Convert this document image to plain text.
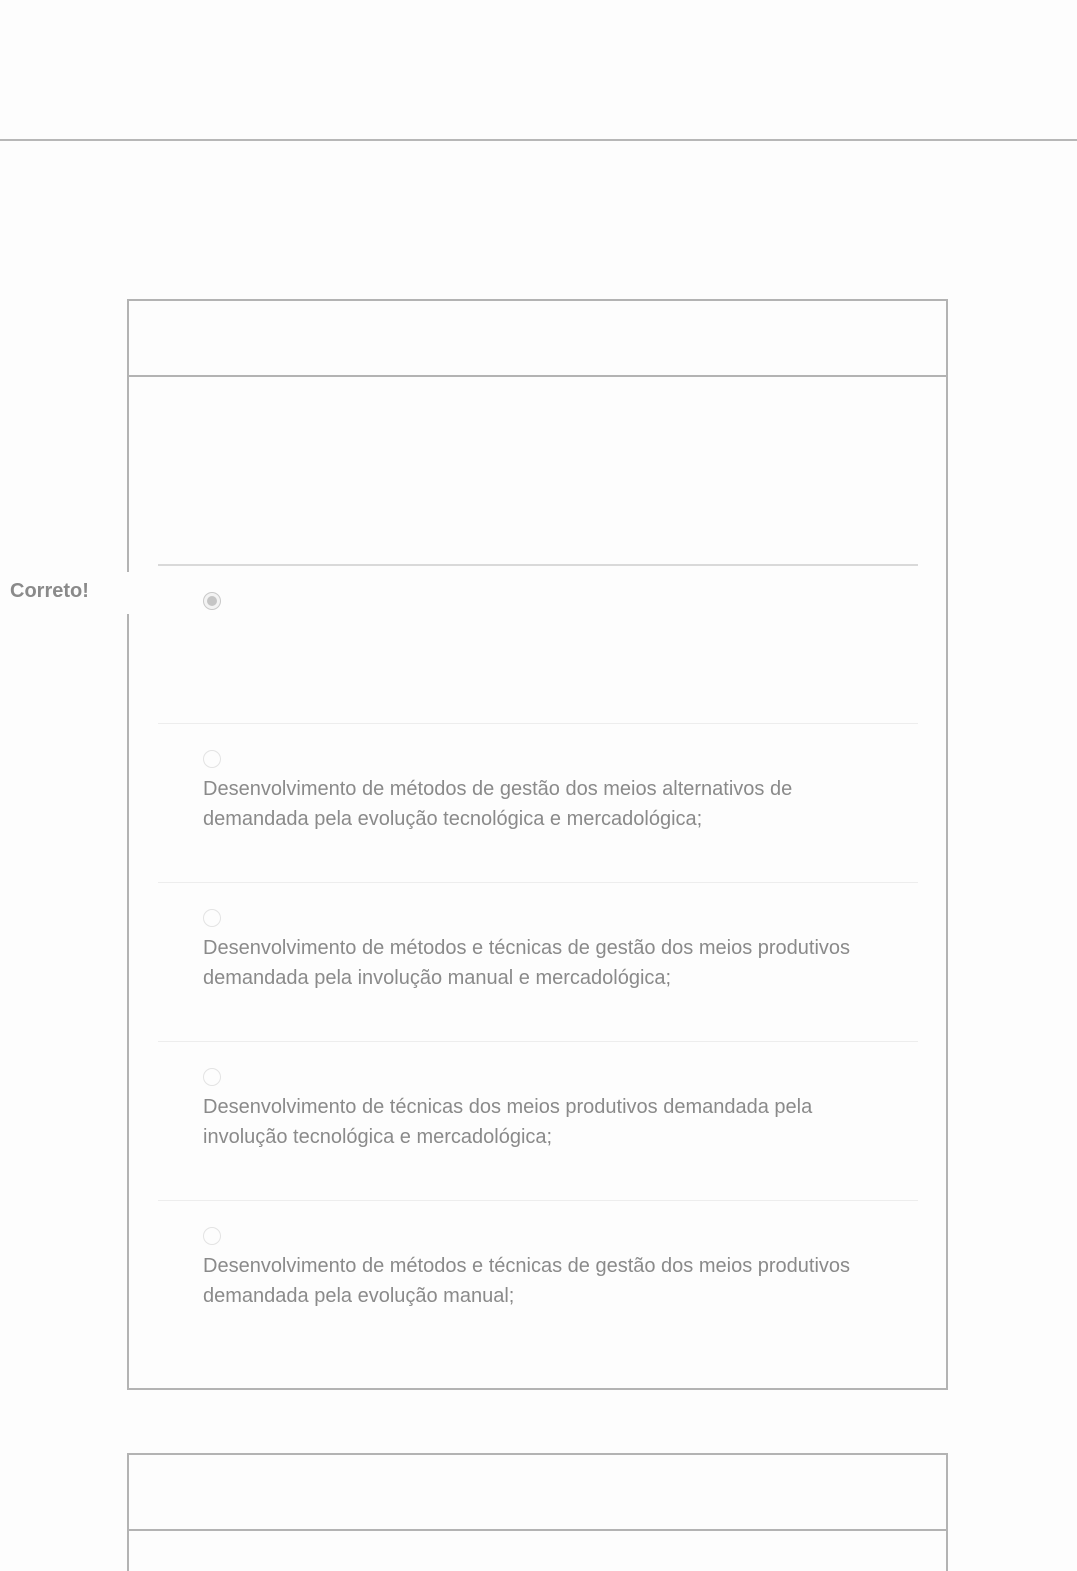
Correto!
Desenvolvimento de métodos de gestão dos meios alternativos de demandada pela evolução tecnológica e mercadológica;
Desenvolvimento de métodos e técnicas de gestão dos meios produtivos demandada pela involução manual e mercadológica;
Desenvolvimento de técnicas dos meios produtivos demandada pela involução tecnológica e mercadológica;
Desenvolvimento de métodos e técnicas de gestão dos meios produtivos demandada pela evolução manual;
